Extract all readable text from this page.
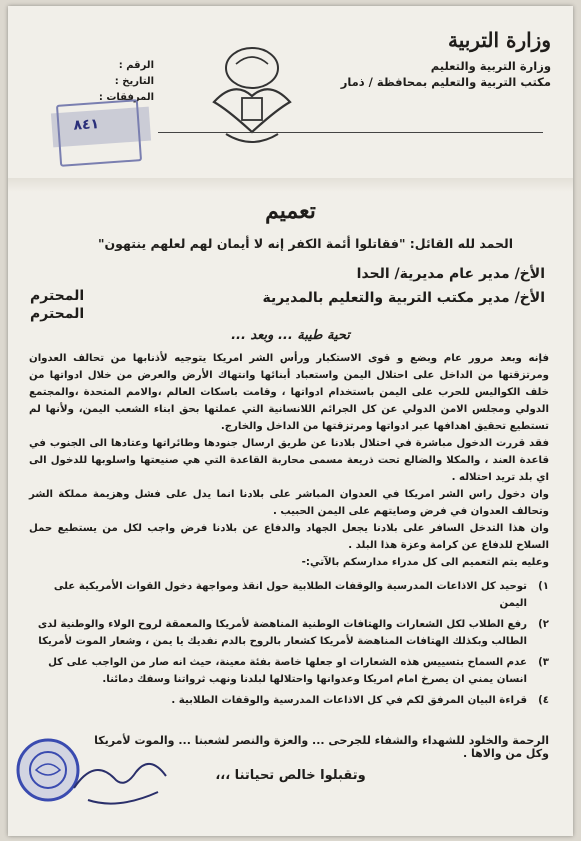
وزارة التربية
وزارة التربية والتعليم
مكتب التربية والتعليم بمحافظة / ذمار
الرقم :
التاريخ :
المرفقات :
٨٤١
تعميم
الحمد لله القائل: "فقاتلوا أئمة الكفر إنه لا أيمان لهم لعلهم ينتهون"
الأخ/ مدير عام مديرية/ الحدا
الأخ/ مدير مكتب التربية والتعليم بالمديرية
المحترم
المحترم
تحية طيبة ... وبعد ...

فإنه وبعد مرور عام وبضع و قوى الاستكبار ورأس الشر امريكا يتوجيه لأذنابها من تحالف العدوان ومرتزقتها من الداخل على احتلال اليمن واستعباد أبنائها وانتهاك الأرض والعرض من خلال ادواتها من خلف الكواليس للحرب على اليمن باستخدام ادواتها ، وقامت باسكات العالم ،والامم المتحدة ،والمجتمع الدولي ومجلس الامن الدولي عن كل الجرائم اللانسانية التي عملتها بحق ابناء الشعب اليمن، ولأنها لم تستطيع تحقيق اهدافها عبر ادواتها ومرتزقتها من الداخل والخارج.

فقد قررت الدخول مباشرة في احتلال بلادنا عن طريق ارسال جنودها وطائراتها وعتادها الى الجنوب في قاعدة العند ، والمكلا والضالع تحت ذريعة مسمى محاربة القاعدة التي هي صنيعتها واسلوبها للدخول الى اي بلد تريد احتلاله .

وان دخول راس الشر امريكا في العدوان المباشر على بلادنا انما يدل على فشل وهزيمة مملكة الشر وتحالف العدوان في فرض وصايتهم على اليمن الحبيب .

وان هذا التدخل السافر على بلادنا يجعل الجهاد والدفاع عن بلادنا فرض واجب لكل من يستطيع حمل السلاح للدفاع عن كرامة وعزة هذا البلد .

وعليه يتم التعميم الى كل مدراء مدارسكم بالآتي:-

١)
توحيد كل الاذاعات المدرسية والوقفات الطلابية حول انقذ ومواجهة دخول القوات الأمريكية على اليمن
٢)
رفع الطلاب لكل الشعارات والهتافات الوطنية المناهضة لأمريكا والمعمقة لروح الولاء والوطنية لدى الطالب وبكذلك الهتافات المناهضة لأمريكا كشعار بالروح بالدم نفديك يا يمن ، وشعار الموت لأمريكا
٣)
عدم السماح بتسييس هذه الشعارات او جعلها خاصة بفئة معينة، حيث انه صار من الواجب على كل انسان يمني ان يصرخ امام امريكا وعدوانها واحتلالها لبلدنا ونهب ثرواتنا وسفك دمائنا.
٤)
قراءة البيان المرفق لكم في كل الاذاعات المدرسية والوقفات الطلابية .
الرحمة والخلود للشهداء والشفاء للجرحى ... والعزة والنصر لشعبنا ... والموت لأمريكا وكل من والاها .
وتقبلوا خالص تحياتنا ،،،
